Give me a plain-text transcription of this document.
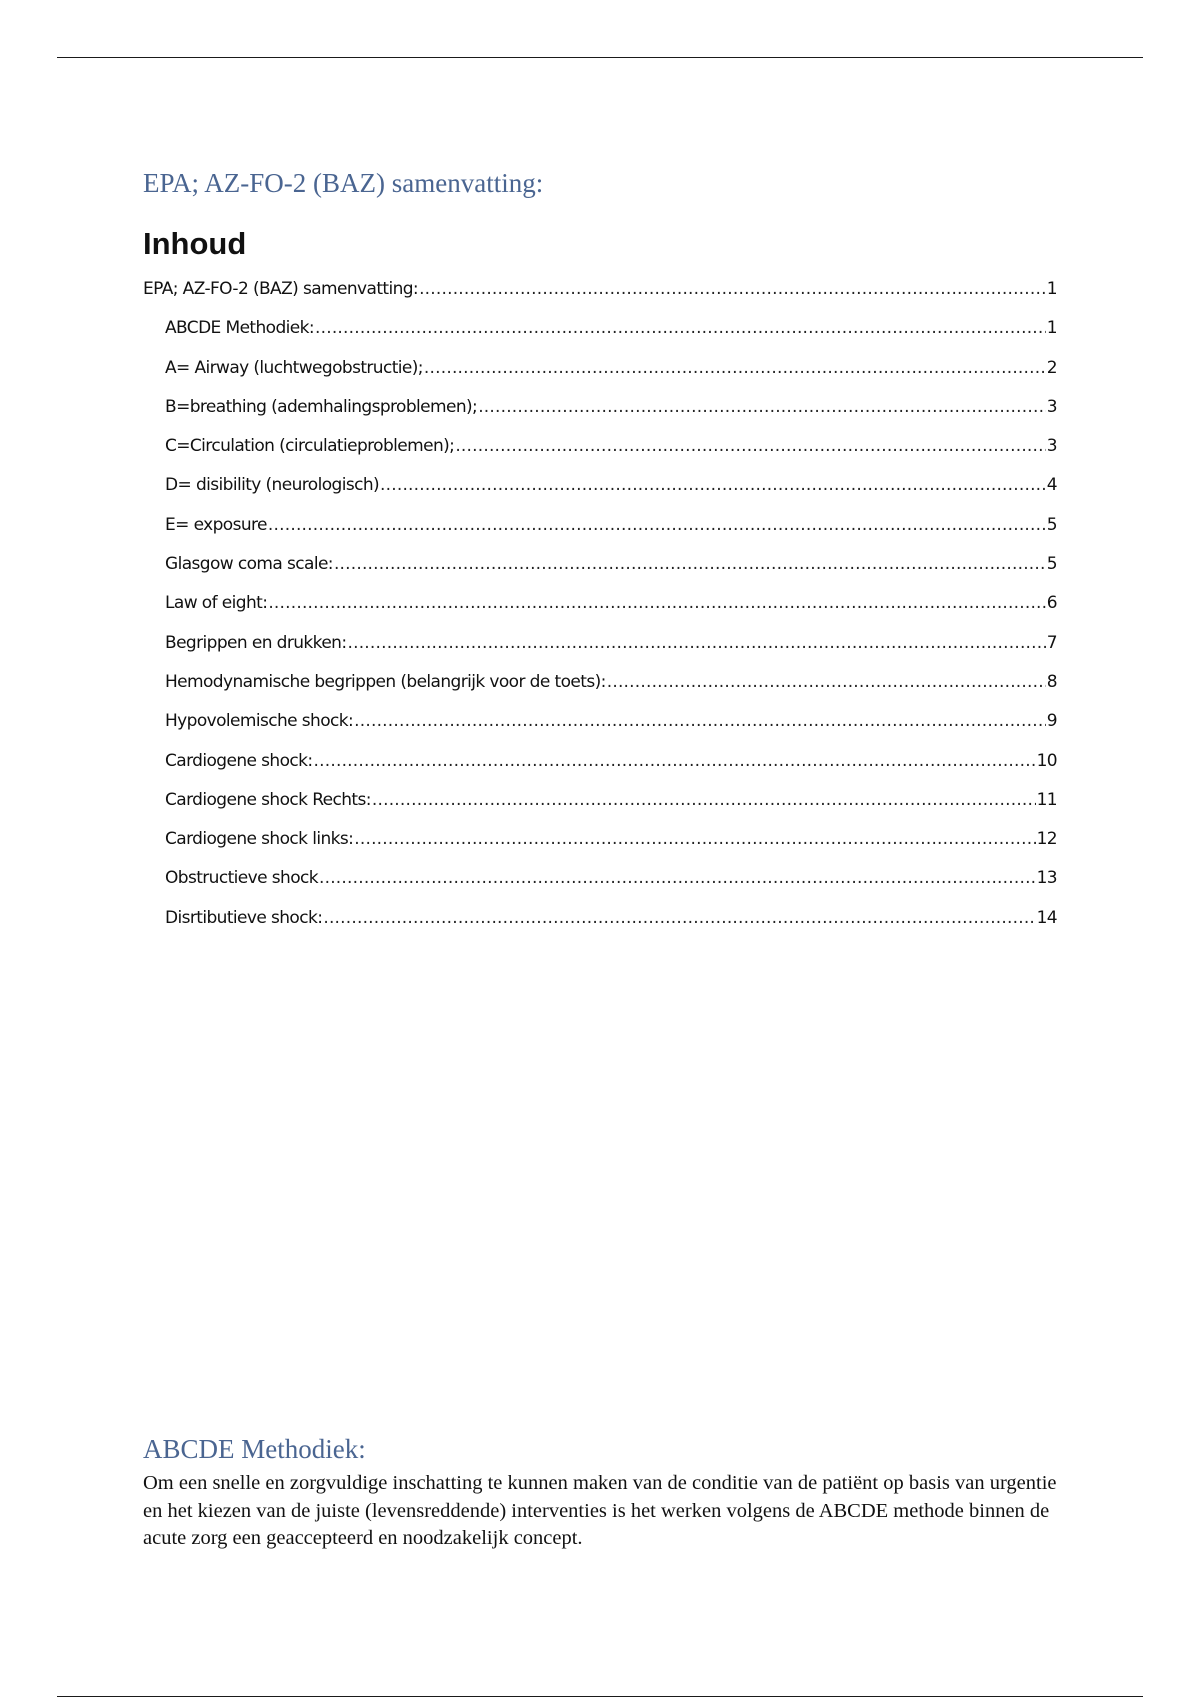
EPA; AZ-FO-2 (BAZ) samenvatting:
Inhoud
EPA; AZ-FO-2 (BAZ) samenvatting: .....	1
ABCDE Methodiek: .....	1
A= Airway (luchtwegobstructie); .....	2
B=breathing (ademhalingsproblemen); .....	3
C=Circulation (circulatieproblemen); .....	3
D= disibility (neurologisch) .....	4
E= exposure .....	5
Glasgow coma scale: .....	5
Law of eight: .....	6
Begrippen en drukken: .....	7
Hemodynamische begrippen (belangrijk voor de toets): .....	8
Hypovolemische shock: .....	9
Cardiogene shock: .....	10
Cardiogene shock Rechts: .....	11
Cardiogene shock links: .....	12
Obstructieve shock .....	13
Disrtibutieve shock: .....	14
ABCDE Methodiek:

Om een snelle en zorgvuldige inschatting te kunnen maken van de conditie van de patiënt op basis van urgentie en het kiezen van de juiste (levensreddende) interventies is het werken volgens de ABCDE methode binnen de acute zorg een geaccepteerd en noodzakelijk concept.
